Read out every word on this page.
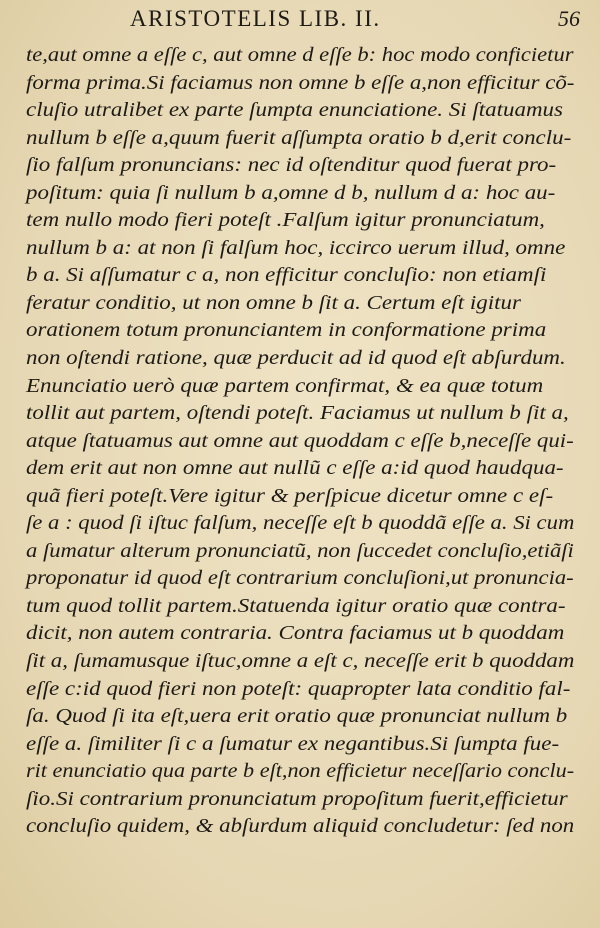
ARISTOTELIS LIB. II.	56
te,aut omne a eſſe c, aut omne d eſſe b: hoc modo conficietur
forma prima.Si faciamus non omne b eſſe a,non efficitur cõ-
cluſio utralibet ex parte ſumpta enunciatione. Si ſtatuamus
nullum b eſſe a,quum fuerit aſſumpta oratio b d,erit conclu-
ſio falſum pronuncians: nec id oſtenditur quod fuerat pro-
poſitum: quia ſi nullum b a,omne d b, nullum d a: hoc au-
tem nullo modo fieri poteſt .Falſum igitur pronunciatum,
nullum b a: at non ſi falſum hoc, iccirco uerum illud, omne
b a. Si aſſumatur c a, non efficitur concluſio: non etiamſi
feratur conditio, ut non omne b ſit a. Certum eſt igitur
orationem totum pronunciantem in conformatione prima
non oſtendi ratione, quæ perducit ad id quod eſt abſurdum.
Enunciatio uerò quæ partem confirmat, & ea quæ totum
tollit aut partem, oſtendi poteſt. Faciamus ut nullum b ſit a,
atque ſtatuamus aut omne aut quoddam c eſſe b,neceſſe qui-
dem erit aut non omne aut nullũ c eſſe a:id quod haudqua-
quã fieri poteſt.Vere igitur & perſpicue dicetur omne c eſ-
ſe a : quod ſi iſtuc falſum, neceſſe eſt b quoddã eſſe a. Si cum
a ſumatur alterum pronunciatũ, non ſuccedet concluſio,etiãſi
proponatur id quod eſt contrarium concluſioni,ut pronuncia-
tum quod tollit partem.Statuenda igitur oratio quæ contra-
dicit, non autem contraria. Contra faciamus ut b quoddam
ſit a, ſumamusque iſtuc,omne a eſt c, neceſſe erit b quoddam
eſſe c:id quod fieri non poteſt: quapropter lata conditio fal-
ſa. Quod ſi ita eſt,uera erit oratio quæ pronunciat nullum b
eſſe a. ſimiliter ſi c a ſumatur ex negantibus.Si ſumpta fue-
rit enunciatio qua parte b eſt,non efficietur neceſſario conclu-
ſio.Si contrarium pronunciatum propoſitum fuerit,efficietur
concluſio quidem, & abſurdum aliquid concludetur: ſed non
